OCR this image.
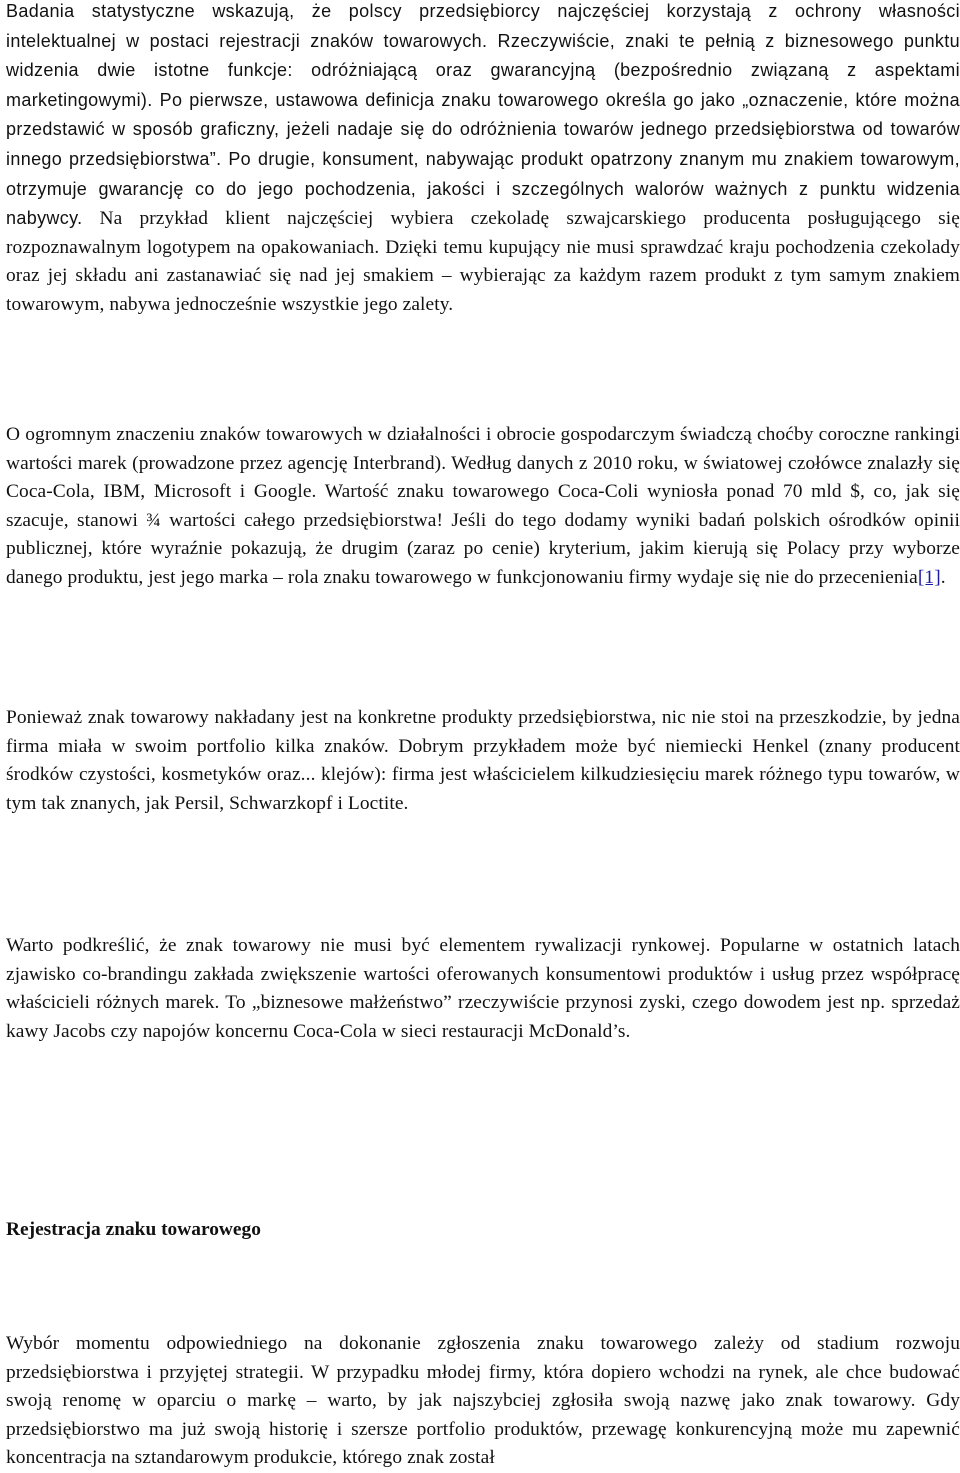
Badania statystyczne wskazują, że polscy przedsiębiorcy najczęściej korzystają z ochrony własności intelektualnej w postaci rejestracji znaków towarowych. Rzeczywiście, znaki te pełnią z biznesowego punktu widzenia dwie istotne funkcje: odróżniającą oraz gwarancyjną (bezpośrednio związaną z aspektami marketingowymi). Po pierwsze, ustawowa definicja znaku towarowego określa go jako „oznaczenie, które można przedstawić w sposób graficzny, jeżeli nadaje się do odróżnienia towarów jednego przedsiębiorstwa od towarów innego przedsiębiorstwa”. Po drugie, konsument, nabywając produkt opatrzony znanym mu znakiem towarowym, otrzymuje gwarancję co do jego pochodzenia, jakości i szczególnych walorów ważnych z punktu widzenia nabywcy. Na przykład klient najczęściej wybiera czekoladę szwajcarskiego producenta posługującego się rozpoznawalnym logotypem na opakowaniach. Dzięki temu kupujący nie musi sprawdzać kraju pochodzenia czekolady oraz jej składu ani zastanawiać się nad jej smakiem – wybierając za każdym razem produkt z tym samym znakiem towarowym, nabywa jednocześnie wszystkie jego zalety.

O ogromnym znaczeniu znaków towarowych w działalności i obrocie gospodarczym świadczą choćby coroczne rankingi wartości marek (prowadzone przez agencję Interbrand). Według danych z 2010 roku, w światowej czołówce znalazły się Coca-Cola, IBM, Microsoft i Google. Wartość znaku towarowego Coca-Coli wyniosła ponad 70 mld $, co, jak się szacuje, stanowi ¾ wartości całego przedsiębiorstwa! Jeśli do tego dodamy wyniki badań polskich ośrodków opinii publicznej, które wyraźnie pokazują, że drugim (zaraz po cenie) kryterium, jakim kierują się Polacy przy wyborze danego produktu, jest jego marka – rola znaku towarowego w funkcjonowaniu firmy wydaje się nie do przecenienia[1].

Ponieważ znak towarowy nakładany jest na konkretne produkty przedsiębiorstwa, nic nie stoi na przeszkodzie, by jedna firma miała w swoim portfolio kilka znaków. Dobrym przykładem może być niemiecki Henkel (znany producent środków czystości, kosmetyków oraz... klejów): firma jest właścicielem kilkudziesięciu marek różnego typu towarów, w tym tak znanych, jak Persil, Schwarzkopf i Loctite.

Warto podkreślić, że znak towarowy nie musi być elementem rywalizacji rynkowej. Popularne w ostatnich latach zjawisko co-brandingu zakłada zwiększenie wartości oferowanych konsumentowi produktów i usług przez współpracę właścicieli różnych marek. To „biznesowe małżeństwo” rzeczywiście przynosi zyski, czego dowodem jest np. sprzedaż kawy Jacobs czy napojów koncernu Coca-Cola w sieci restauracji McDonald’s.

Rejestracja znaku towarowego

Wybór momentu odpowiedniego na dokonanie zgłoszenia znaku towarowego zależy od stadium rozwoju przedsiębiorstwa i przyjętej strategii. W przypadku młodej firmy, która dopiero wchodzi na rynek, ale chce budować swoją renomę w oparciu o markę – warto, by jak najszybciej zgłosiła swoją nazwę jako znak towarowy. Gdy przedsiębiorstwo ma już swoją historię i szersze portfolio produktów, przewagę konkurencyjną może mu zapewnić koncentracja na sztandarowym produkcie, którego znak został
